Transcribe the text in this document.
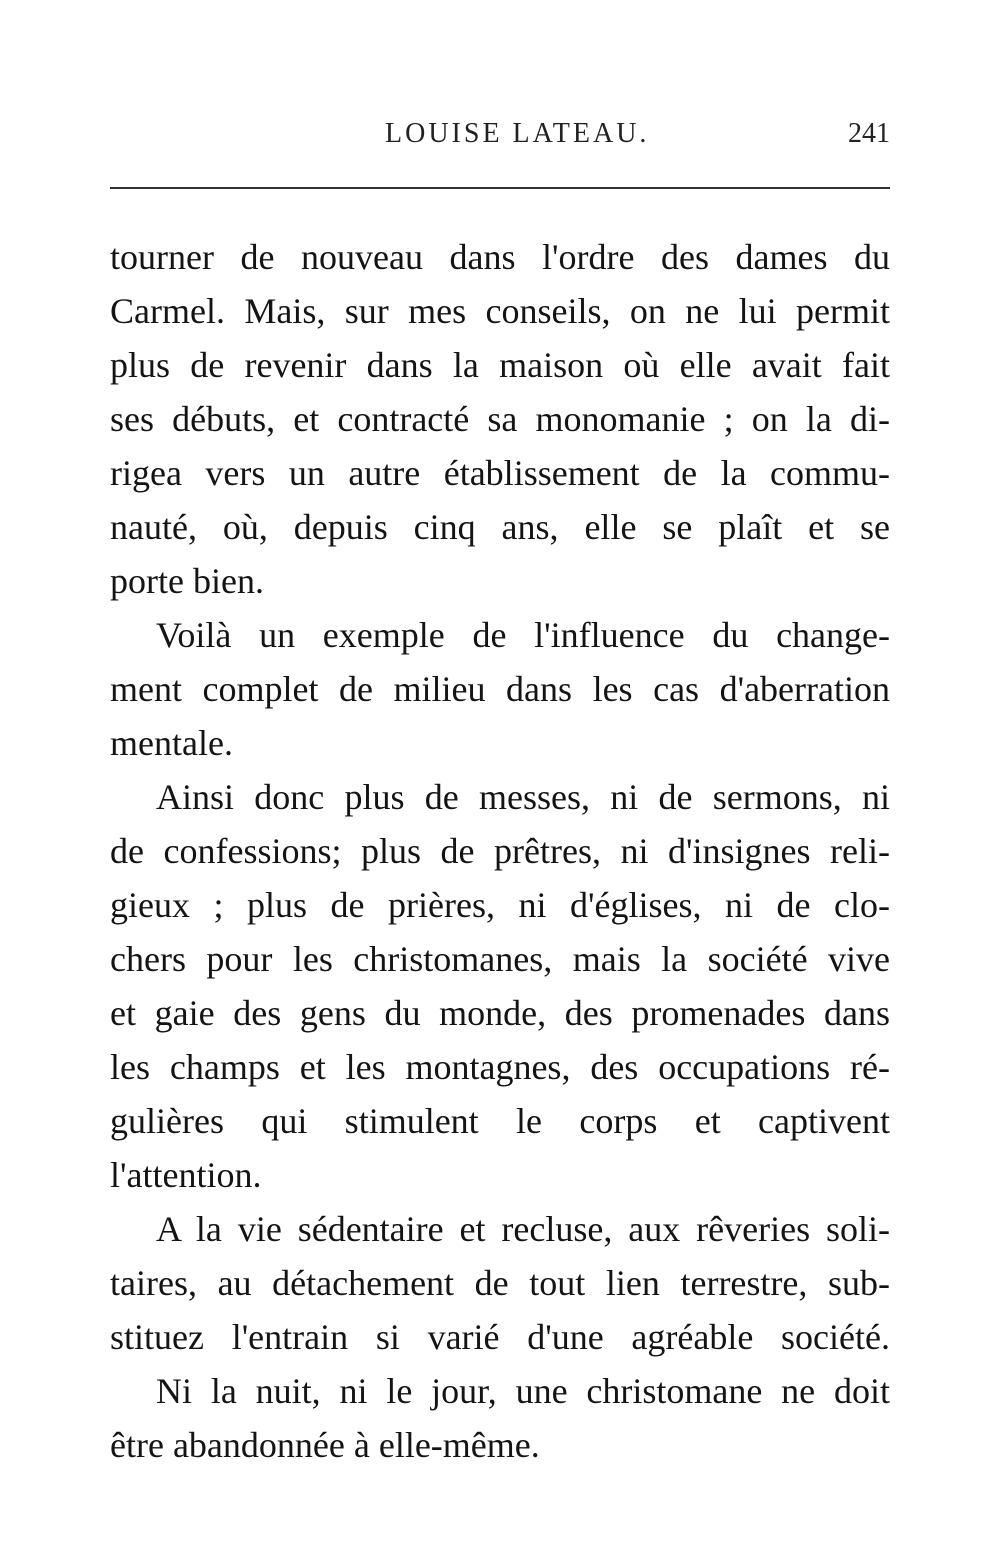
LOUISE LATEAU.	241
tourner de nouveau dans l'ordre des dames du
Carmel. Mais, sur mes conseils, on ne lui permit
plus de revenir dans la maison où elle avait fait
ses débuts, et contracté sa monomanie ; on la di-
rigea vers un autre établissement de la commu-
nauté, où, depuis cinq ans, elle se plaît et se
porte bien.
Voilà un exemple de l'influence du change-
ment complet de milieu dans les cas d'aberration
mentale.
Ainsi donc plus de messes, ni de sermons, ni
de confessions; plus de prêtres, ni d'insignes reli-
gieux ; plus de prières, ni d'églises, ni de clo-
chers pour les christomanes, mais la société vive
et gaie des gens du monde, des promenades dans
les champs et les montagnes, des occupations ré-
gulières qui stimulent le corps et captivent
l'attention.
A la vie sédentaire et recluse, aux rêveries soli-
taires, au détachement de tout lien terrestre, sub-
stituez l'entrain si varié d'une agréable société.
Ni la nuit, ni le jour, une christomane ne doit
être abandonnée à elle-même.
